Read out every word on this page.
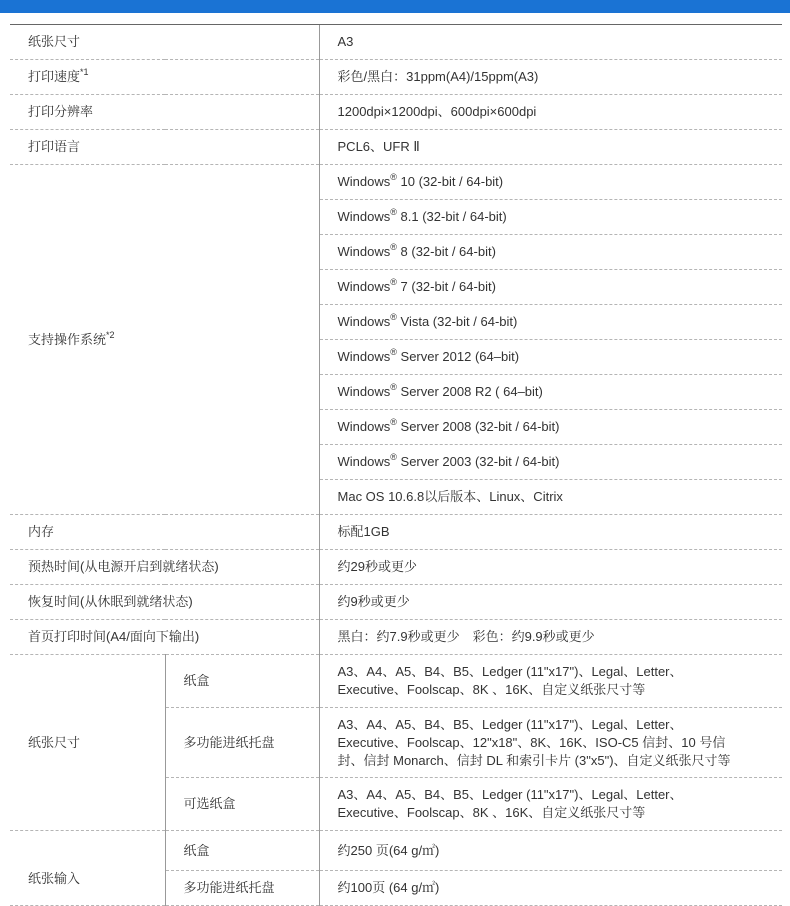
纸张尺寸		A3
打印速度$^{*1}$		彩色/黑白：31ppm(A4)/15ppm(A3)
打印分辨率		1200dpi×1200dpi、600dpi×600dpi
打印语言		PCL6、UFR Ⅱ
支持操作系统$^{*2}$		Windows® 10 (32-bit / 64-bit)
		Windows® 8.1 (32-bit / 64-bit)
		Windows® 8 (32-bit / 64-bit)
		Windows® 7 (32-bit / 64-bit)
		Windows® Vista (32-bit / 64-bit)
		Windows® Server 2012 (64–bit)
		Windows® Server 2008 R2 ( 64–bit)
		Windows® Server 2008 (32-bit / 64-bit)
		Windows® Server 2003 (32-bit / 64-bit)
		Mac OS 10.6.8以后版本、Linux、Citrix
内存		标配1GB
预热时间(从电源开启到就绪状态)		约29秒或更少
恢复时间(从休眠到就绪状态)		约9秒或更少
首页打印时间(A4/面向下输出)		黑白：约7.9秒或更少　彩色：约9.9秒或更少
纸张尺寸	纸盒	A3、A4、A5、B4、B5、Ledger (11"x17")、Legal、Letter、
Executive、Foolscap、8K 、16K、自定义纸张尺寸等

	多功能进纸托盘	A3、A4、A5、B4、B5、Ledger (11"x17")、Legal、Letter、
Executive、Foolscap、12"x18"、8K、16K、ISO-C5 信封、10 号信
封、信封 Monarch、信封 DL 和索引卡片 (3"x5")、自定义纸张尺寸等

	可选纸盒	A3、A4、A5、B4、B5、Ledger (11"x17")、Legal、Letter、
Executive、Foolscap、8K 、16K、自定义纸张尺寸等

纸张输入	纸盒	约250 页(64 g/㎡)
	多功能进纸托盘	约100页 (64 g/㎡)
